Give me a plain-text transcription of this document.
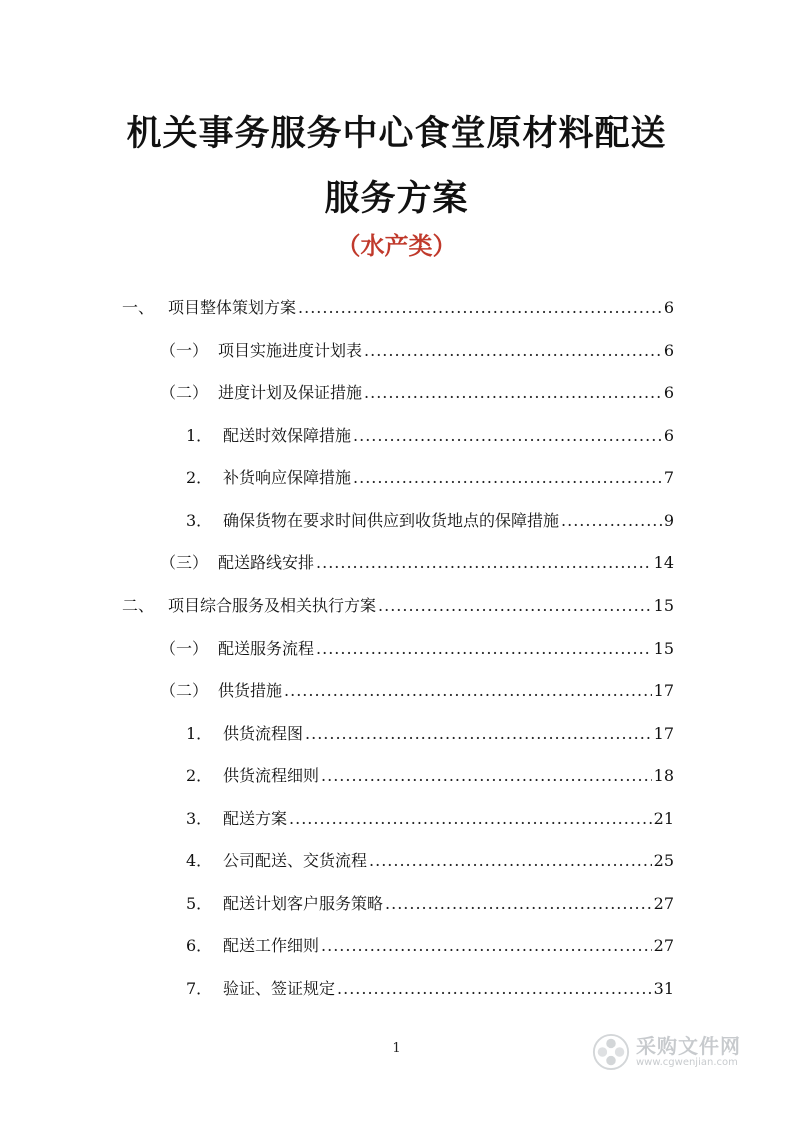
机关事务服务中心食堂原材料配送
服务方案
（水产类）
一、 项目整体策划方案 .....	6
（一） 项目实施进度计划表 .....	6
（二） 进度计划及保证措施 .....	6
1． 配送时效保障措施 .....	6
2． 补货响应保障措施 .....	7
3． 确保货物在要求时间供应到收货地点的保障措施 .....	9
（三） 配送路线安排 .....	14
二、 项目综合服务及相关执行方案 .....	15
（一） 配送服务流程 .....	15
（二） 供货措施 .....	17
1． 供货流程图 .....	17
2． 供货流程细则 .....	18
3． 配送方案 .....	21
4． 公司配送、交货流程 .....	25
5． 配送计划客户服务策略 .....	27
6． 配送工作细则 .....	27
7． 验证、签证规定 .....	31
1	采购文件网
www.cgwenjian.com
